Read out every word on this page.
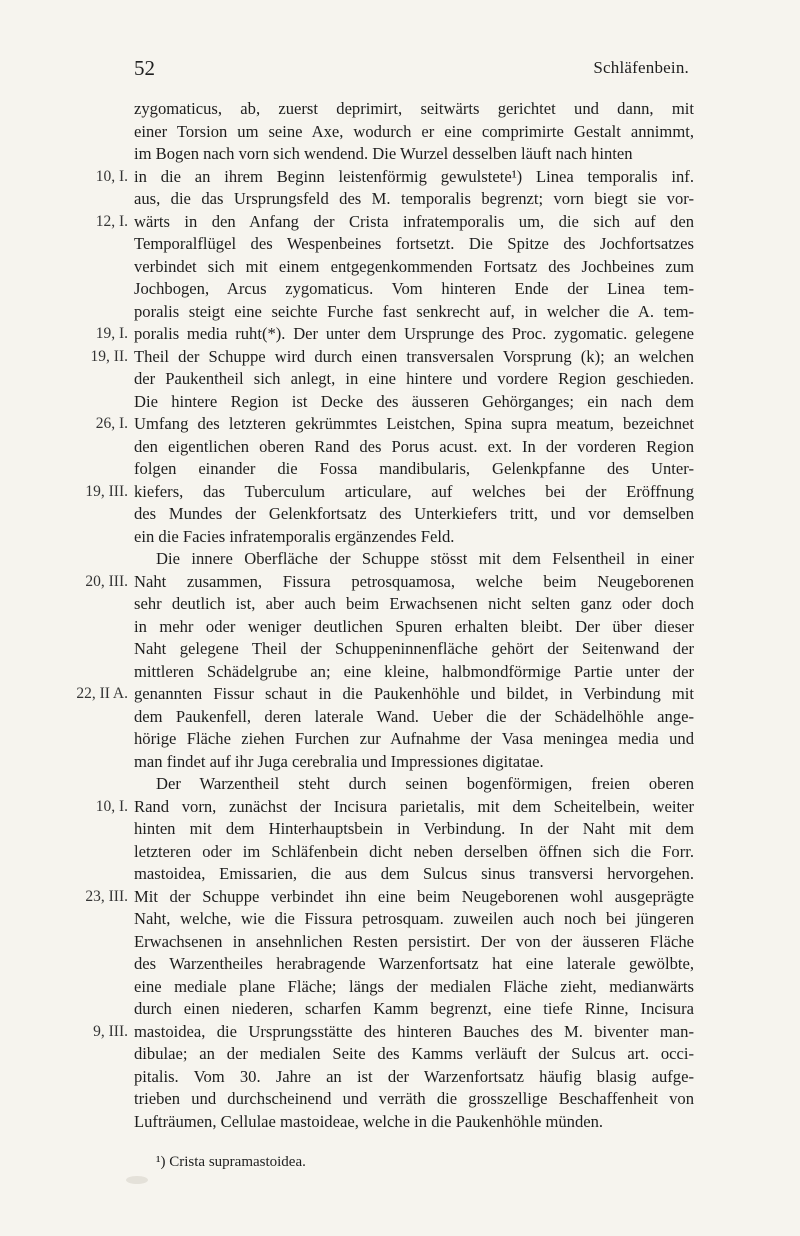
52	Schläfenbein.
zygomaticus, ab, zuerst deprimirt, seitwärts gerichtet und dann, mit
einer Torsion um seine Axe, wodurch er eine comprimirte Gestalt annimmt,
im Bogen nach vorn sich wendend. Die Wurzel desselben läuft nach hinten
in die an ihrem Beginn leistenförmig gewulstete¹) Linea temporalis inf.
10, I.
aus, die das Ursprungsfeld des M. temporalis begrenzt; vorn biegt sie vor-
wärts in den Anfang der Crista infratemporalis um, die sich auf den
12, I.
Temporalflügel des Wespenbeines fortsetzt. Die Spitze des Jochfortsatzes
verbindet sich mit einem entgegenkommenden Fortsatz des Jochbeines zum
Jochbogen, Arcus zygomaticus. Vom hinteren Ende der Linea tem-
poralis steigt eine seichte Furche fast senkrecht auf, in welcher die A. tem-
poralis media ruht(*). Der unter dem Ursprunge des Proc. zygomatic. gelegene
19, I.
Theil der Schuppe wird durch einen transversalen Vorsprung (k); an welchen
19, II.
der Paukentheil sich anlegt, in eine hintere und vordere Region geschieden.
Die hintere Region ist Decke des äusseren Gehörganges; ein nach dem
Umfang des letzteren gekrümmtes Leistchen, Spina supra meatum, bezeichnet
26, I.
den eigentlichen oberen Rand des Porus acust. ext. In der vorderen Region
folgen einander die Fossa mandibularis, Gelenkpfanne des Unter-
kiefers, das Tuberculum articulare, auf welches bei der Eröffnung
19, III.
des Mundes der Gelenkfortsatz des Unterkiefers tritt, und vor demselben
ein die Facies infratemporalis ergänzendes Feld.
Die innere Oberfläche der Schuppe stösst mit dem Felsentheil in einer
Naht zusammen, Fissura petrosquamosa, welche beim Neugeborenen
20, III.
sehr deutlich ist, aber auch beim Erwachsenen nicht selten ganz oder doch
in mehr oder weniger deutlichen Spuren erhalten bleibt. Der über dieser
Naht gelegene Theil der Schuppeninnenfläche gehört der Seitenwand der
mittleren Schädelgrube an; eine kleine, halbmondförmige Partie unter der
genannten Fissur schaut in die Paukenhöhle und bildet, in Verbindung mit
22, II A.
dem Paukenfell, deren laterale Wand. Ueber die der Schädelhöhle ange-
hörige Fläche ziehen Furchen zur Aufnahme der Vasa meningea media und
man findet auf ihr Juga cerebralia und Impressiones digitatae.
Der Warzentheil steht durch seinen bogenförmigen, freien oberen
Rand vorn, zunächst der Incisura parietalis, mit dem Scheitelbein, weiter
10, I.
hinten mit dem Hinterhauptsbein in Verbindung. In der Naht mit dem
letzteren oder im Schläfenbein dicht neben derselben öffnen sich die Forr.
mastoidea, Emissarien, die aus dem Sulcus sinus transversi hervorgehen.
Mit der Schuppe verbindet ihn eine beim Neugeborenen wohl ausgeprägte
23, III.
Naht, welche, wie die Fissura petrosquam. zuweilen auch noch bei jüngeren
Erwachsenen in ansehnlichen Resten persistirt. Der von der äusseren Fläche
des Warzentheiles herabragende Warzenfortsatz hat eine laterale gewölbte,
eine mediale plane Fläche; längs der medialen Fläche zieht, medianwärts
durch einen niederen, scharfen Kamm begrenzt, eine tiefe Rinne, Incisura
mastoidea, die Ursprungsstätte des hinteren Bauches des M. biventer man-
9, III.
dibulae; an der medialen Seite des Kamms verläuft der Sulcus art. occi-
pitalis. Vom 30. Jahre an ist der Warzenfortsatz häufig blasig aufge-
trieben und durchscheinend und verräth die grosszellige Beschaffenheit von
Lufträumen, Cellulae mastoideae, welche in die Paukenhöhle münden.
¹) Crista supramastoidea.
